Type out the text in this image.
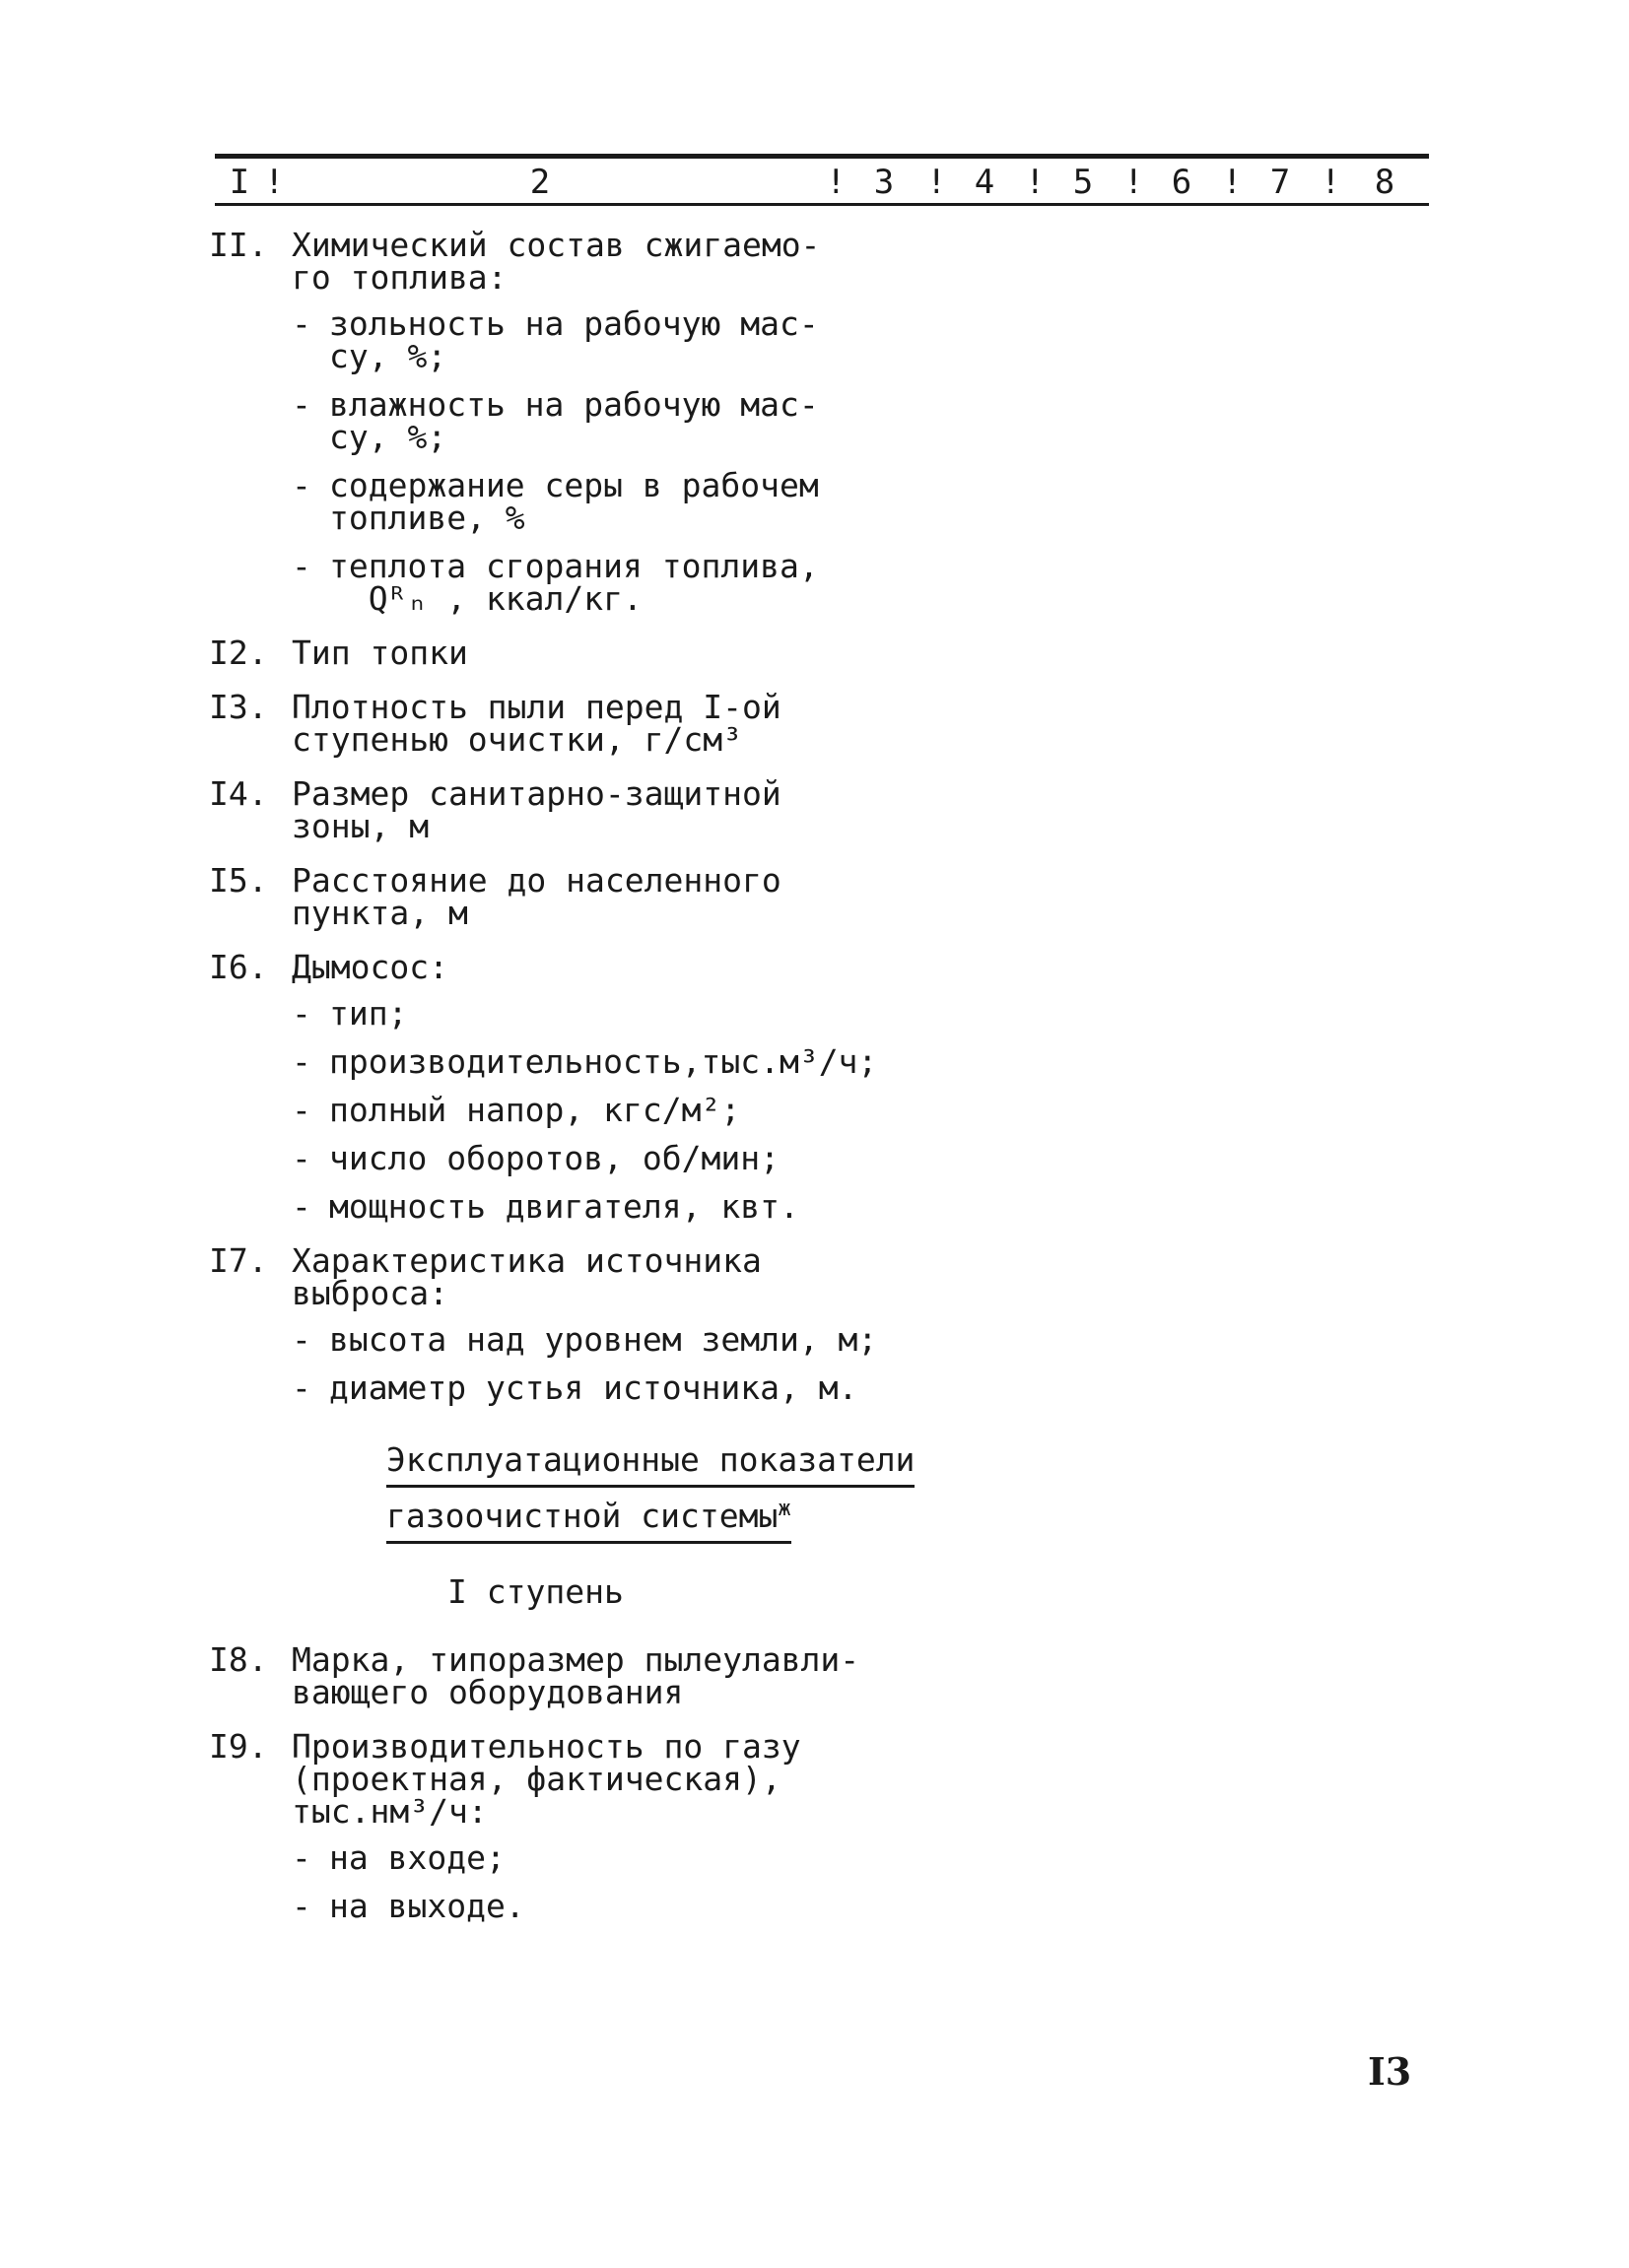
I !	2	! 3 ! 4 ! 5 ! 6 ! 7 !	8
II. Химический состав сжигаемо-
го топлива:
- зольность на рабочую мас-
су, %;
- влажность на рабочую мас-
су, %;
- содержание серы в рабочем
топливе, %
- теплота сгорания топлива,
Qᴿₙ , ккал/кг.
I2. Тип топки
I3. Плотность пыли перед I-ой
ступенью очистки, г/см³
I4. Размер санитарно-защитной
зоны, м
I5. Расстояние до населенного
пункта, м
I6. Дымосос:
- тип;
- производительность,тыс.м³/ч;
- полный напор, кгс/м²;
- число оборотов, об/мин;
- мощность двигателя, квт.
I7. Характеристика источника
выброса:
- высота над уровнем земли, м;
- диаметр устья источника, м.
Эксплуатационные показатели
газоочистной системы$^ж$
I ступень
I8. Марка, типоразмер пылеулавли-
вающего оборудования
I9. Производительность по газу
(проектная, фактическая),
тыс.нм³/ч:
- на входе;
- на выходе.
I3
